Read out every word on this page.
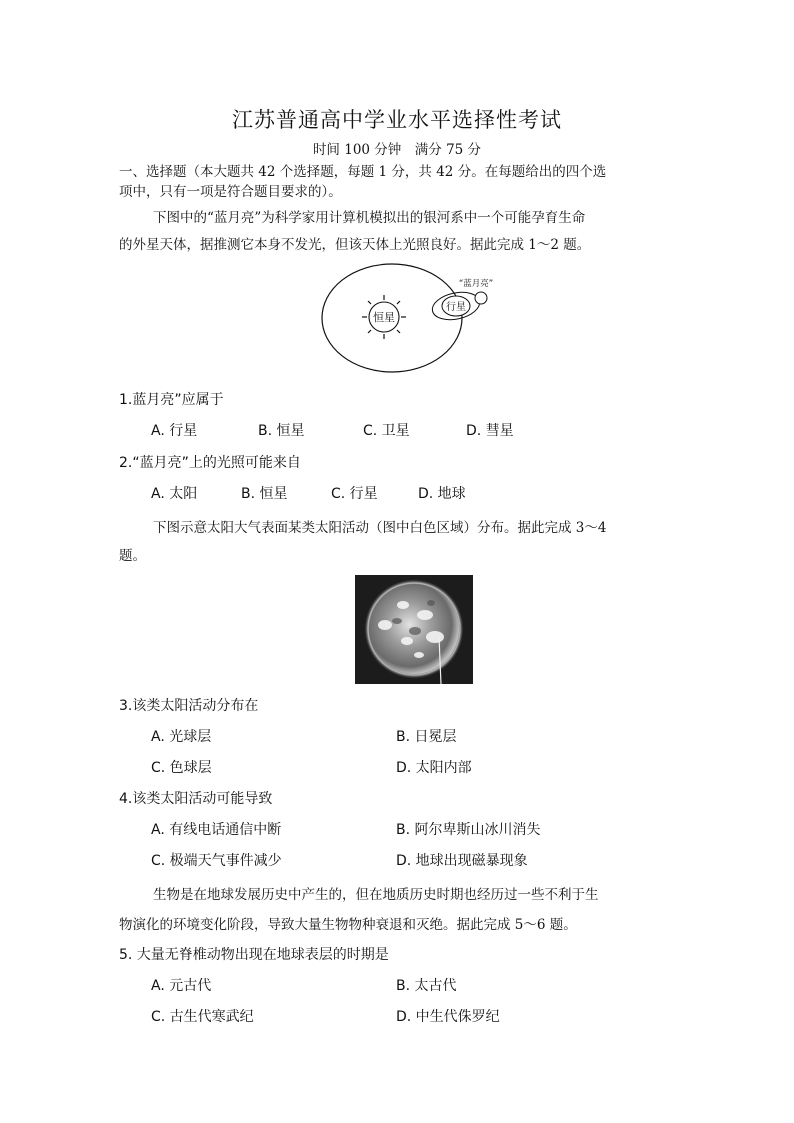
江苏普通高中学业水平选择性考试
时间 100 分钟　满分 75 分
一、选择题（本大题共 42 个选择题，每题 1 分，共 42 分。在每题给出的四个选
项中，只有一项是符合题目要求的）。
下图中的“蓝月亮”为科学家用计算机模拟出的银河系中一个可能孕育生命
的外星天体，据推测它本身不发光，但该天体上光照良好。据此完成 1～2 题。
恒星
行星
“蓝月亮”
1.蓝月亮”应属于
A. 行星	B. 恒星	C. 卫星	D. 彗星
2.“蓝月亮”上的光照可能来自
A. 太阳	B. 恒星	C. 行星	D. 地球
下图示意太阳大气表面某类太阳活动（图中白色区域）分布。据此完成 3～4
题。
3.该类太阳活动分布在
A. 光球层	B. 日冕层
C. 色球层	D. 太阳内部
4.该类太阳活动可能导致
A. 有线电话通信中断	B. 阿尔卑斯山冰川消失
C. 极端天气事件减少	D. 地球出现磁暴现象
生物是在地球发展历史中产生的，但在地质历史时期也经历过一些不利于生
物演化的环境变化阶段，导致大量生物物种衰退和灭绝。据此完成 5～6 题。
5. 大量无脊椎动物出现在地球表层的时期是
A. 元古代	B. 太古代
C. 古生代寒武纪	D. 中生代侏罗纪
